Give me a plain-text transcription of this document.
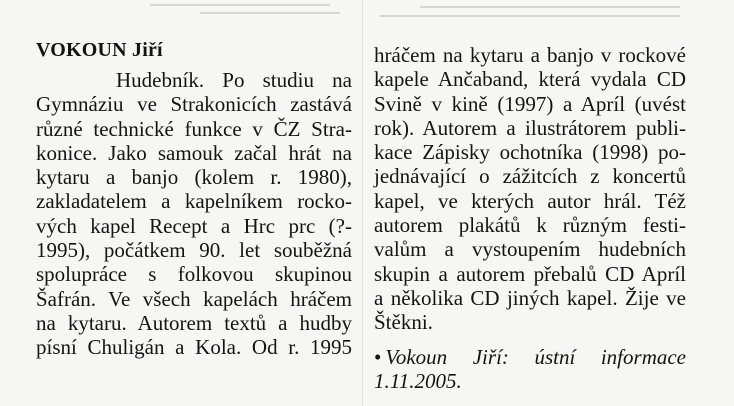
VOKOUN Jiří
Hudebník. Po studiu na
Gymnáziu ve Strakonicích zastává
různé technické funkce v ČZ Stra-
konice. Jako samouk začal hrát na
kytaru a banjo (kolem r. 1980),
zakladatelem a kapelníkem rocko-
vých kapel Recept a Hrc prc (?-
1995), počátkem 90. let souběžná
spolupráce s folkovou skupinou
Šafrán. Ve všech kapelách hráčem
na kytaru. Autorem textů a hudby
písní Chuligán a Kola. Od r. 1995
hráčem na kytaru a banjo v rockové
kapele Ančaband, která vydala CD
Svině v kině (1997) a Apríl (uvést
rok). Autorem a ilustrátorem publi-
kace Zápisky ochotníka (1998) po-
jednávající o zážitcích z koncertů
kapel, ve kterých autor hrál. Též
autorem plakátů k různým festi-
valům a vystoupením hudebních
skupin a autorem přebalů CD Apríl
a několika CD jiných kapel. Žije ve
Štěkni.
• Vokoun Jiří: ústní informace
1.11.2005.
